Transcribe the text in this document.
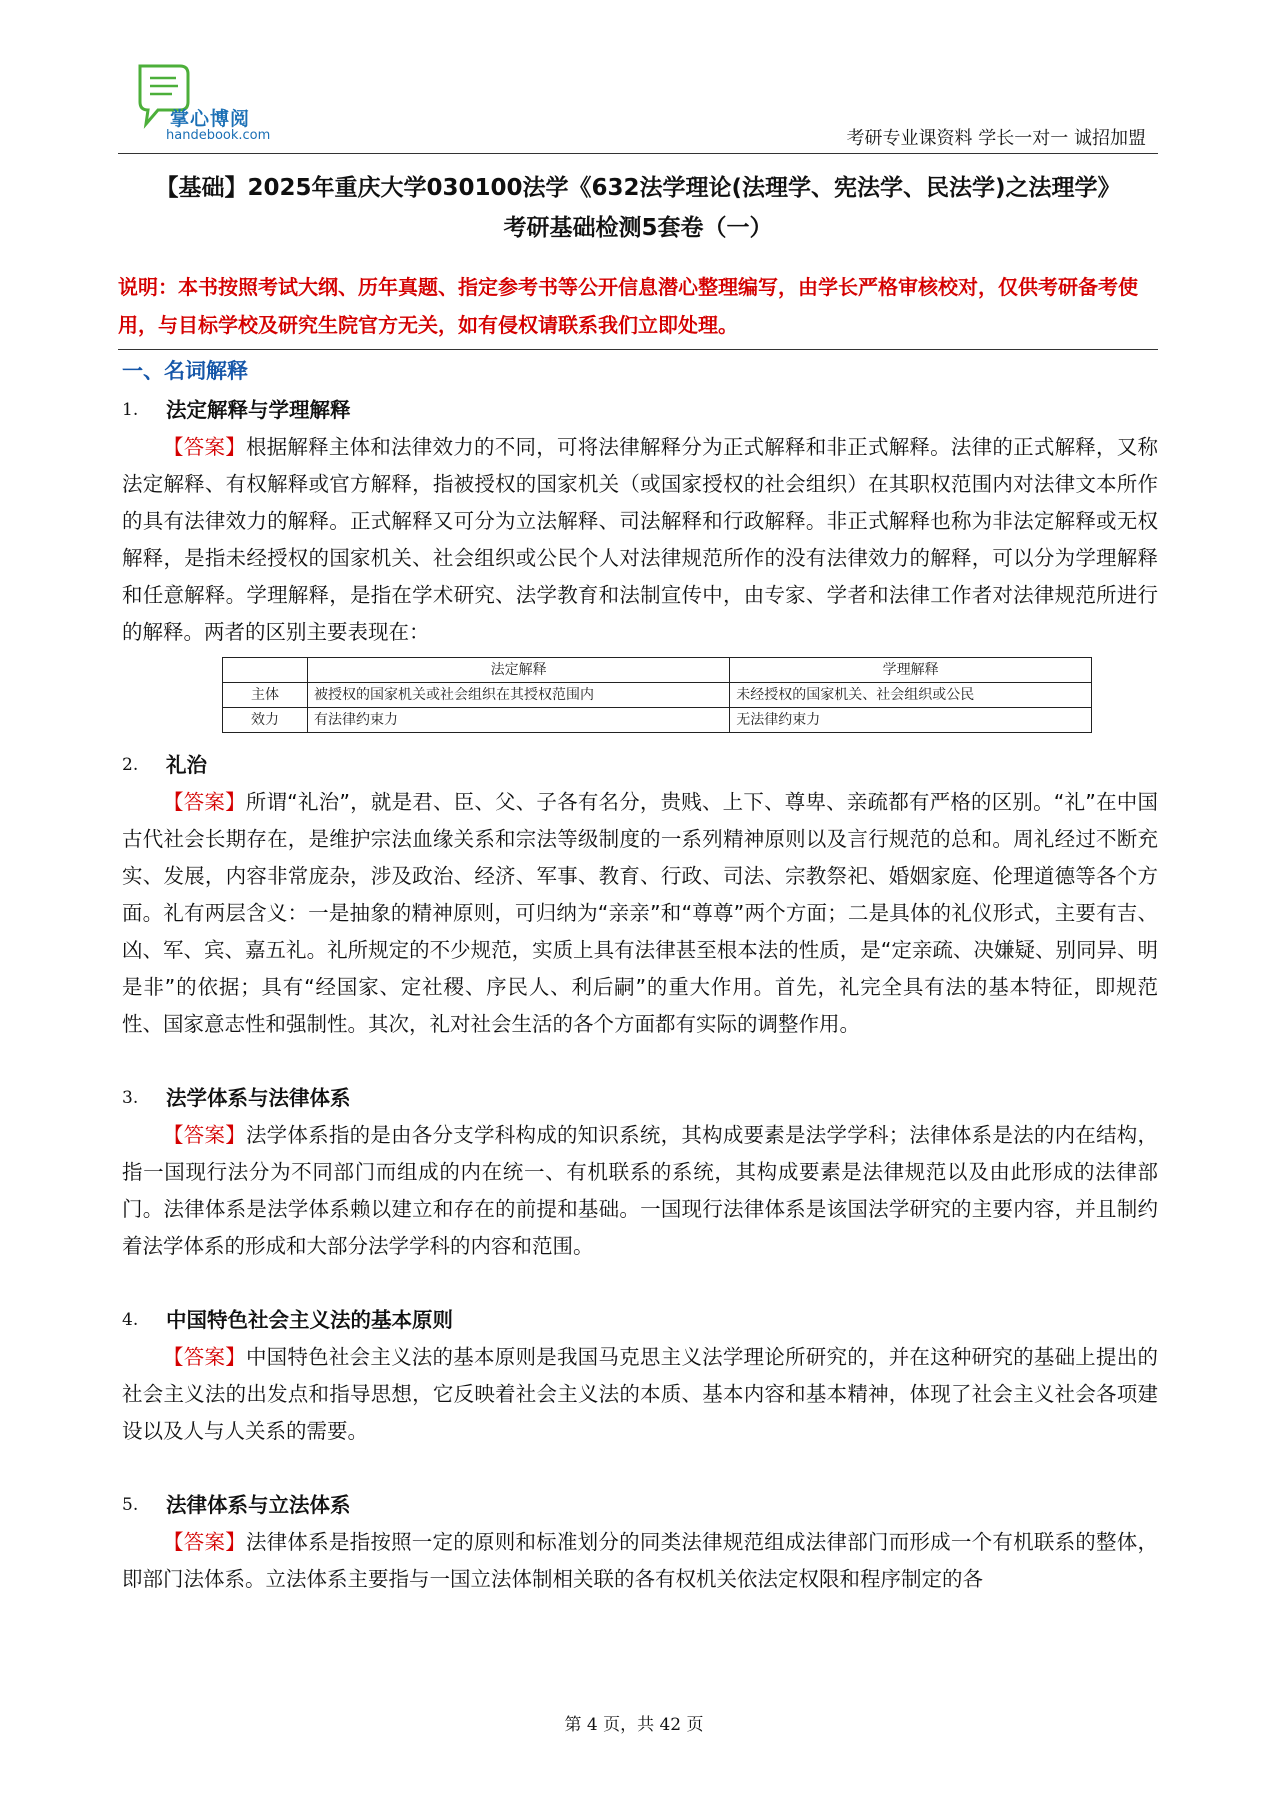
掌心博阅
handebook.com	考研专业课资料 学长一对一 诚招加盟
【基础】2025年重庆大学030100法学《632法学理论(法理学、宪法学、民法学)之法理学》
考研基础检测5套卷（一）
说明：本书按照考试大纲、历年真题、指定参考书等公开信息潜心整理编写，由学长严格审核校对，仅供考研备考使用，与目标学校及研究生院官方无关，如有侵权请联系我们立即处理。
一、名词解释
1.	法定解释与学理解释

【答案】根据解释主体和法律效力的不同，可将法律解释分为正式解释和非正式解释。法律的正式解释，又称法定解释、有权解释或官方解释，指被授权的国家机关（或国家授权的社会组织）在其职权范围内对法律文本所作的具有法律效力的解释。正式解释又可分为立法解释、司法解释和行政解释。非正式解释也称为非法定解释或无权解释，是指未经授权的国家机关、社会组织或公民个人对法律规范所作的没有法律效力的解释，可以分为学理解释和任意解释。学理解释，是指在学术研究、法学教育和法制宣传中，由专家、学者和法律工作者对法律规范所进行的解释。两者的区别主要表现在：

	法定解释	学理解释
主体	被授权的国家机关或社会组织在其授权范围内	未经授权的国家机关、社会组织或公民
效力	有法律约束力	无法律约束力
2.	礼治

【答案】所谓“礼治”，就是君、臣、父、子各有名分，贵贱、上下、尊卑、亲疏都有严格的区别。“礼”在中国古代社会长期存在，是维护宗法血缘关系和宗法等级制度的一系列精神原则以及言行规范的总和。周礼经过不断充实、发展，内容非常庞杂，涉及政治、经济、军事、教育、行政、司法、宗教祭祀、婚姻家庭、伦理道德等各个方面。礼有两层含义：一是抽象的精神原则，可归纳为“亲亲”和“尊尊”两个方面；二是具体的礼仪形式，主要有吉、凶、军、宾、嘉五礼。礼所规定的不少规范，实质上具有法律甚至根本法的性质，是“定亲疏、决嫌疑、别同异、明是非”的依据；具有“经国家、定社稷、序民人、利后嗣”的重大作用。首先，礼完全具有法的基本特征，即规范性、国家意志性和强制性。其次，礼对社会生活的各个方面都有实际的调整作用。

3.	法学体系与法律体系

【答案】法学体系指的是由各分支学科构成的知识系统，其构成要素是法学学科；法律体系是法的内在结构，指一国现行法分为不同部门而组成的内在统一、有机联系的系统，其构成要素是法律规范以及由此形成的法律部门。法律体系是法学体系赖以建立和存在的前提和基础。一国现行法律体系是该国法学研究的主要内容，并且制约着法学体系的形成和大部分法学学科的内容和范围。

4.	中国特色社会主义法的基本原则

【答案】中国特色社会主义法的基本原则是我国马克思主义法学理论所研究的，并在这种研究的基础上提出的社会主义法的出发点和指导思想，它反映着社会主义法的本质、基本内容和基本精神，体现了社会主义社会各项建设以及人与人关系的需要。

5.	法律体系与立法体系

【答案】法律体系是指按照一定的原则和标准划分的同类法律规范组成法律部门而形成一个有机联系的整体，即部门法体系。立法体系主要指与一国立法体制相关联的各有权机关依法定权限和程序制定的各

第 4 页，共 42 页
